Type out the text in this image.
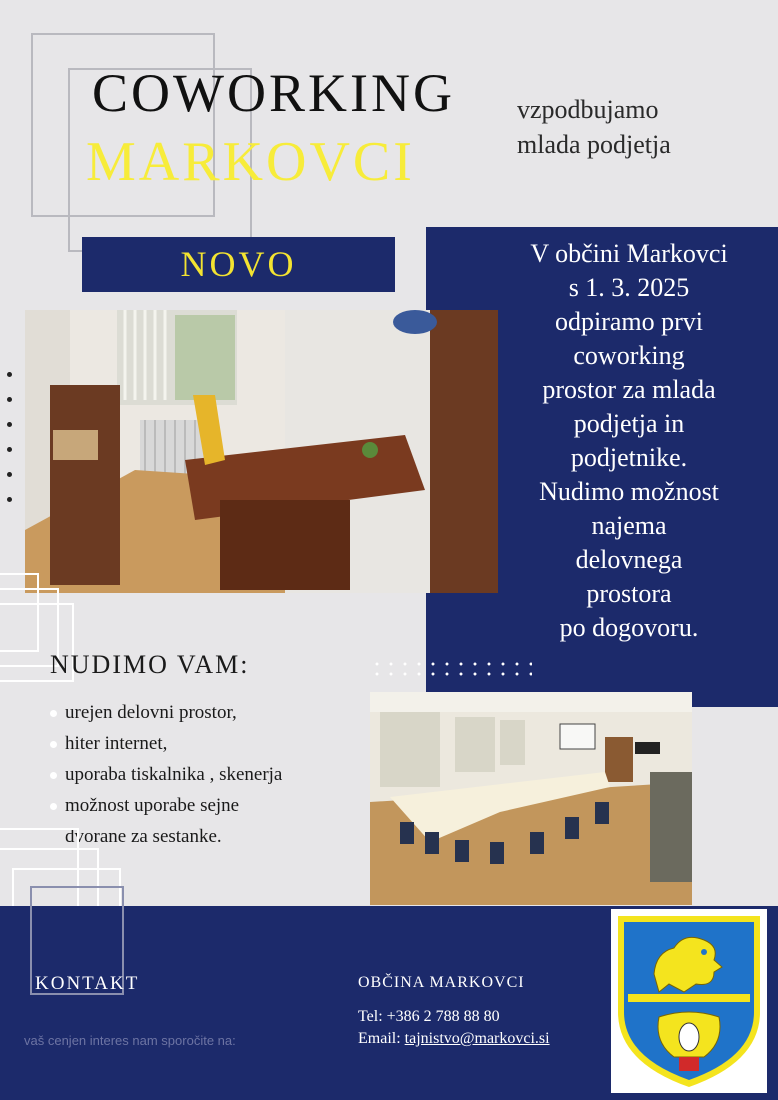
COWORKING
MARKOVCI
vzpodbujamo
mlada podjetja
NOVO	V občini Markovci
s 1. 3. 2025
odpiramo prvi
coworking
prostor za mlada
podjetja in
podjetnike.
Nudimo možnost
najema
delovnega
prostora
po dogovoru.
NUDIMO VAM:
urejen delovni prostor,
hiter internet,
uporaba tiskalnika , skenerja
možnost uporabe sejne
dvorane za sestanke.
KONTAKT
vaš cenjen interes nam sporočite na:
OBČINA MARKOVCI
Tel: +386 2 788 88 80
Email: tajnistvo@markovci.si
